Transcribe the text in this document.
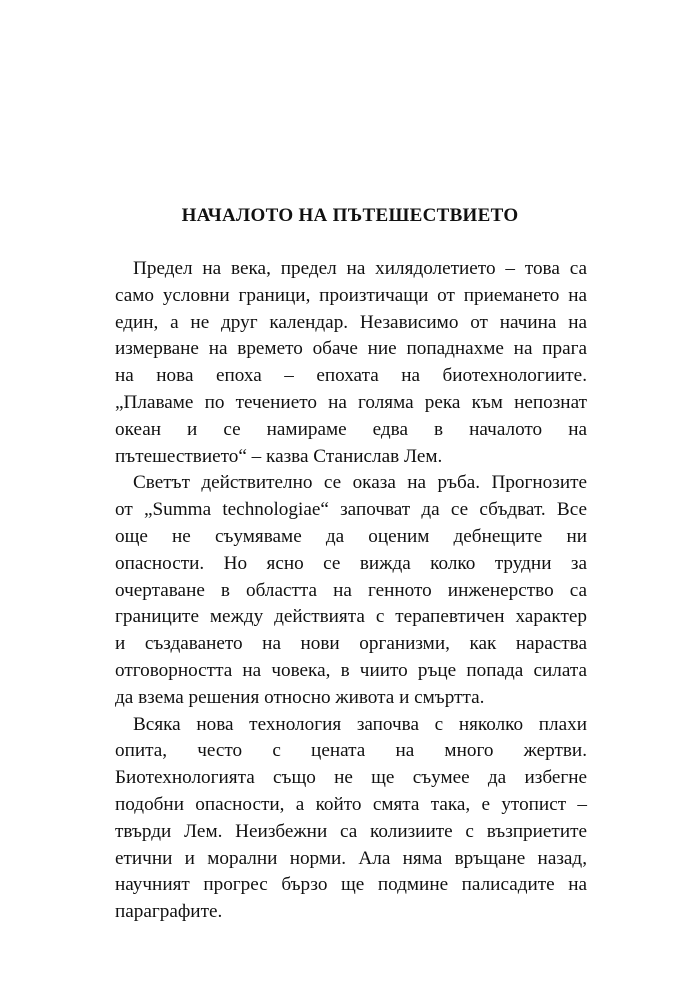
НАЧАЛОТО НА ПЪТЕШЕСТВИЕТО
Предел на века, предел на хилядолетието – това са
само условни граници, произтичащи от приемането на
един, а не друг календар. Независимо от начина на
измерване на времето обаче ние попаднахме на прага
на нова епоха – епохата на биотехнологиите.
„Плаваме по течението на голяма река към непознат
океан и се намираме едва в началото на
пътешествието“ – казва Станислав Лем.
Светът действително се оказа на ръба. Прогнозите
от „Summa technologiae“ започват да се сбъдват. Все
още не съумяваме да оценим дебнещите ни
опасности. Но ясно се вижда колко трудни за
очертаване в областта на генното инженерство са
границите между действията с терапевтичен характер
и създаването на нови организми, как нараства
отговорността на човека, в чиито ръце попада силата
да взема решения относно живота и смъртта.
Всяка нова технология започва с няколко плахи
опита, често с цената на много жертви.
Биотехнологията също не ще съумее да избегне
подобни опасности, а който смята така, е утопист –
твърди Лем. Неизбежни са колизиите с възприетите
етични и морални норми. Ала няма връщане назад,
научният прогрес бързо ще подмине палисадите на
параграфите.
